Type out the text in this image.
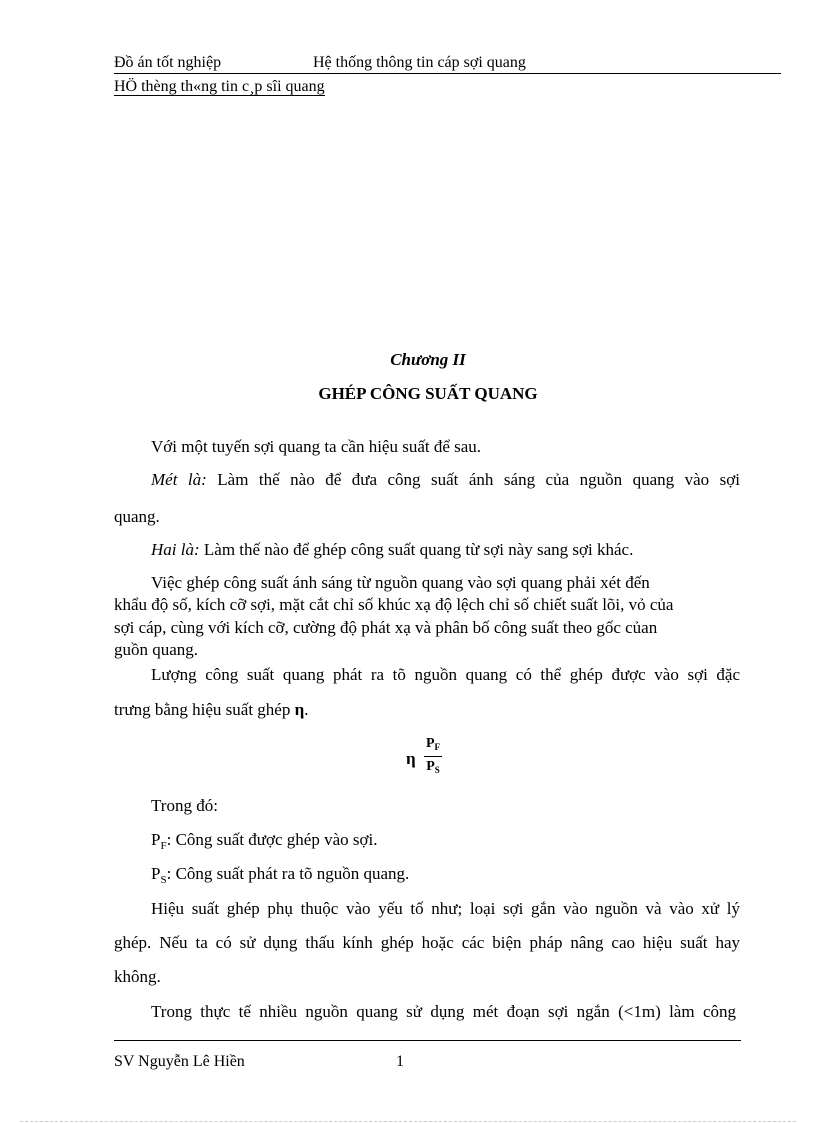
Đồ án tốt nghiệp	Hệ thống thông tin cáp sợi quang
HÖ thèng th«ng tin c¸p sîi quang
Chương II
GHÉP CÔNG SUẤT QUANG
Với một tuyến sợi quang ta cần hiệu suất để sau.
Mét là: Làm thế nào để đưa công suất ánh sáng của nguồn quang vào sợi
quang.
Hai là: Làm thế nào để ghép công suất quang từ sợi này sang sợi khác.
Việc ghép công suất ánh sáng từ nguồn quang vào sợi quang phải xét đến
khẩu độ số, kích cỡ sợi, mặt cắt chỉ số khúc xạ độ lệch chỉ số chiết suất lõi, vỏ của
sợi cáp, cùng với kích cỡ, cường độ phát xạ và phân bố công suất theo gốc củan
guồn quang.
Lượng công suất quang phát ra tõ nguồn quang có thể ghép được vào sợi đặc
trưng bằng hiệu suất ghép η.
η
$P_F$
$P_S$
Trong đó:
$P_F$: Công suất được ghép vào sợi.
$P_S$: Công suất phát ra tõ nguồn quang.
Hiệu suất ghép phụ thuộc vào yếu tố như; loại sợi gắn vào nguồn và vào xử lý
ghép. Nếu ta có sử dụng thấu kính ghép hoặc các biện pháp nâng cao hiệu suất hay
không.
Trong thực tế nhiều nguồn quang sử dụng mét đoạn sợi ngắn (<1m) làm công
SV Nguyễn Lê Hiền	1
